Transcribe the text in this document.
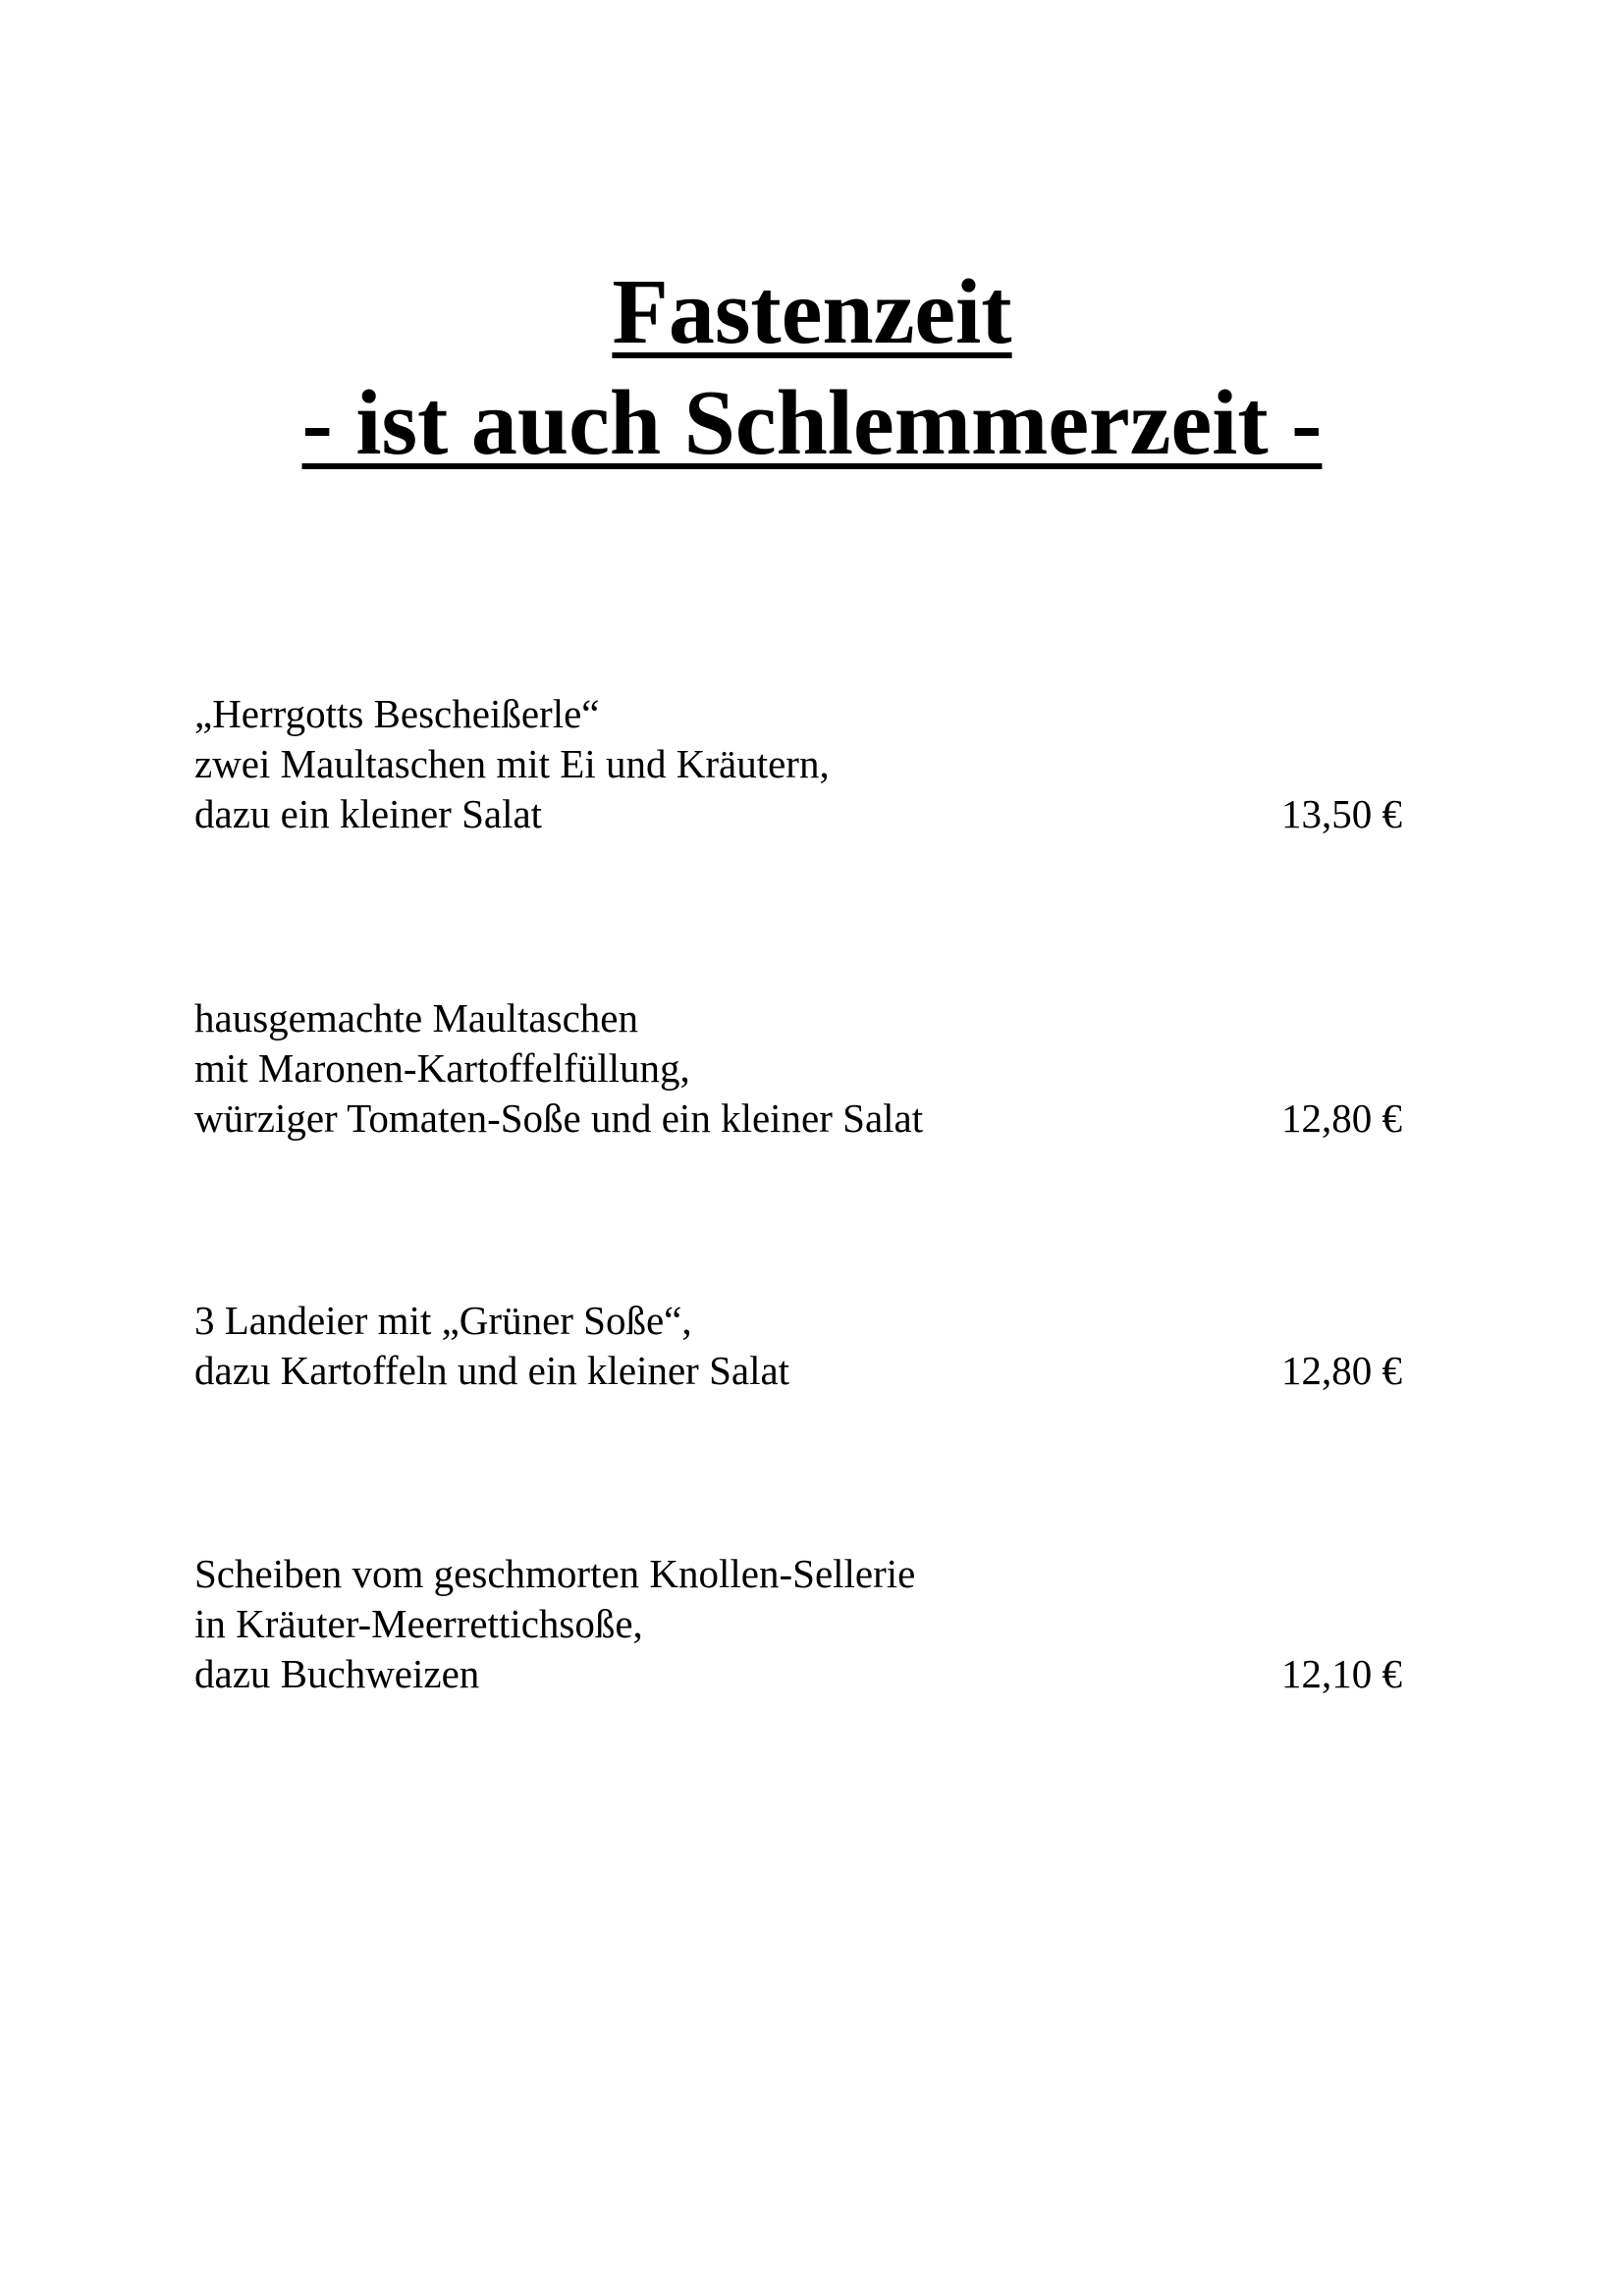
Fastenzeit
- ist auch Schlemmerzeit -
„Herrgotts Bescheißerle“
zwei Maultaschen mit Ei und Kräutern,
dazu ein kleiner Salat	13,50 €
hausgemachte Maultaschen
mit Maronen-Kartoffelfüllung,
würziger Tomaten-Soße und ein kleiner Salat	12,80 €
3 Landeier mit „Grüner Soße“,
dazu Kartoffeln und ein kleiner Salat	12,80 €
Scheiben vom geschmorten Knollen-Sellerie
in Kräuter-Meerrettichsoße,
dazu Buchweizen	12,10 €
